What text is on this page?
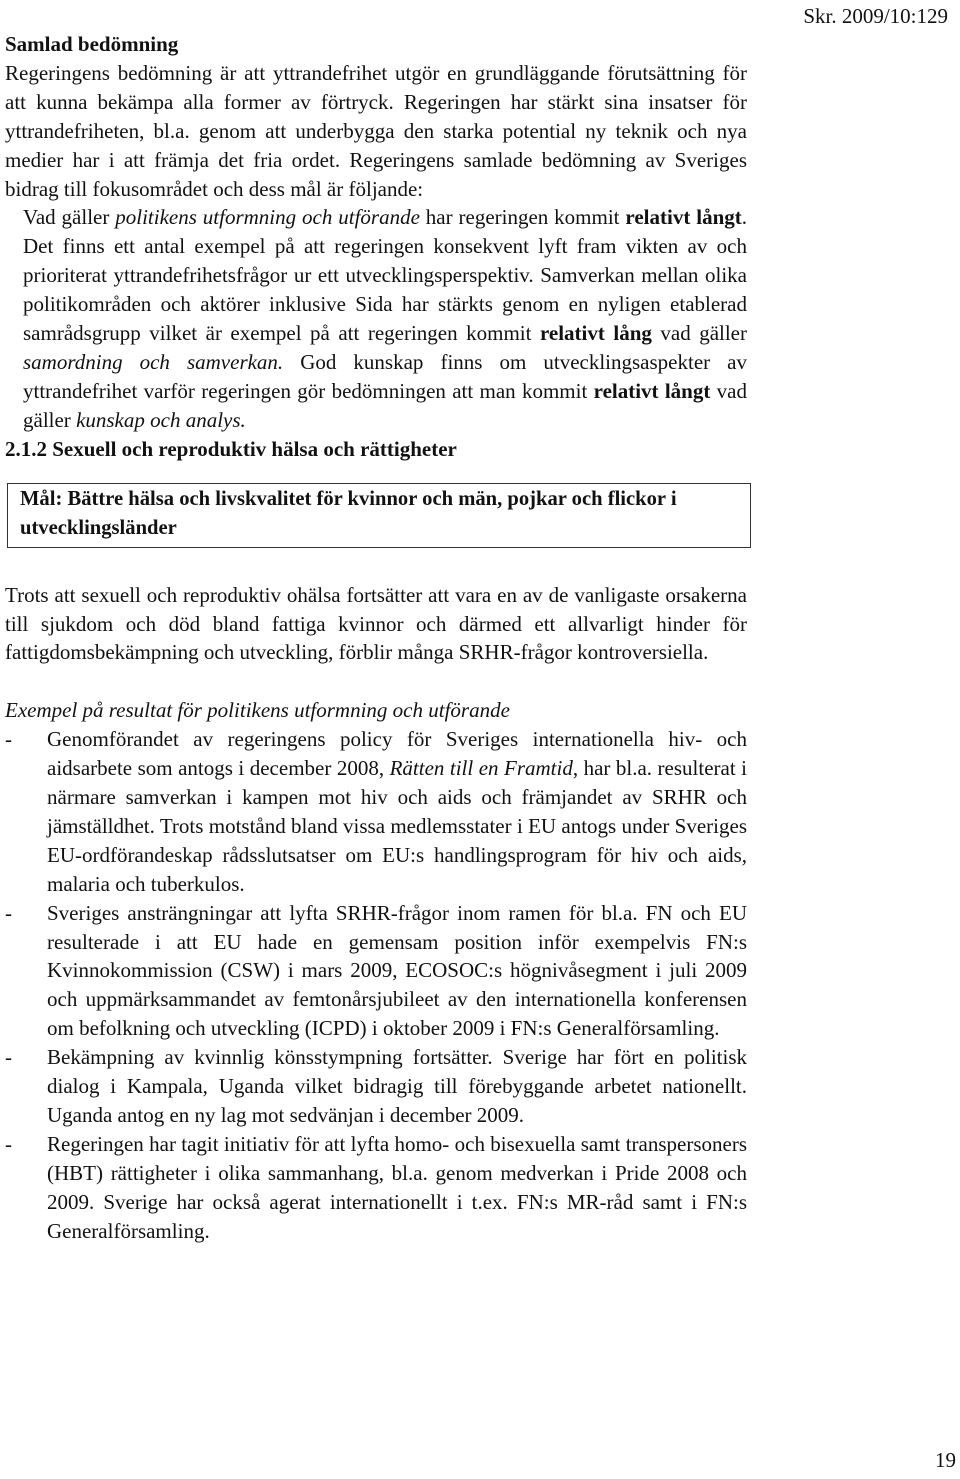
Skr. 2009/10:129

Samlad bedömning

Regeringens bedömning är att yttrandefrihet utgör en grundläggande förutsättning för att kunna bekämpa alla former av förtryck. Regeringen har stärkt sina insatser för yttrandefriheten, bl.a. genom att underbygga den starka potential ny teknik och nya medier har i att främja det fria ordet. Regeringens samlade bedömning av Sveriges bidrag till fokusområdet och dess mål är följande:

Vad gäller politikens utformning och utförande har regeringen kommit relativt långt. Det finns ett antal exempel på att regeringen konsekvent lyft fram vikten av och prioriterat yttrandefrihetsfrågor ur ett utvecklingsperspektiv. Samverkan mellan olika politikområden och aktörer inklusive Sida har stärkts genom en nyligen etablerad samrådsgrupp vilket är exempel på att regeringen kommit relativt lång vad gäller samordning och samverkan. God kunskap finns om utvecklingsaspekter av yttrandefrihet varför regeringen gör bedömningen att man kommit relativt långt vad gäller kunskap och analys.

2.1.2 Sexuell och reproduktiv hälsa och rättigheter

Mål: Bättre hälsa och livskvalitet för kvinnor och män, pojkar och flickor i utvecklingsländer

Trots att sexuell och reproduktiv ohälsa fortsätter att vara en av de vanligaste orsakerna till sjukdom och död bland fattiga kvinnor och därmed ett allvarligt hinder för fattigdomsbekämpning och utveckling, förblir många SRHR-frågor kontroversiella.

Exempel på resultat för politikens utformning och utförande

- Genomförandet av regeringens policy för Sveriges internationella hiv- och aidsarbete som antogs i december 2008, Rätten till en Framtid, har bl.a. resulterat i närmare samverkan i kampen mot hiv och aids och främjandet av SRHR och jämställdhet. Trots motstånd bland vissa medlemsstater i EU antogs under Sveriges EU-ordförandeskap rådsslutsatser om EU:s handlingsprogram för hiv och aids, malaria och tuberkulos.
- Sveriges ansträngningar att lyfta SRHR-frågor inom ramen för bl.a. FN och EU resulterade i att EU hade en gemensam position inför exempelvis FN:s Kvinnokommission (CSW) i mars 2009, ECOSOC:s högnivåsegment i juli 2009 och uppmärksammandet av femtonårsjubileet av den internationella konferensen om befolkning och utveckling (ICPD) i oktober 2009 i FN:s Generalförsamling.
- Bekämpning av kvinnlig könsstympning fortsätter. Sverige har fört en politisk dialog i Kampala, Uganda vilket bidragig till förebyggande arbetet nationellt. Uganda antog en ny lag mot sedvänjan i december 2009.
- Regeringen har tagit initiativ för att lyfta homo- och bisexuella samt transpersoners (HBT) rättigheter i olika sammanhang, bl.a. genom medverkan i Pride 2008 och 2009. Sverige har också agerat internationellt i t.ex. FN:s MR-råd samt i FN:s Generalförsamling.
19
